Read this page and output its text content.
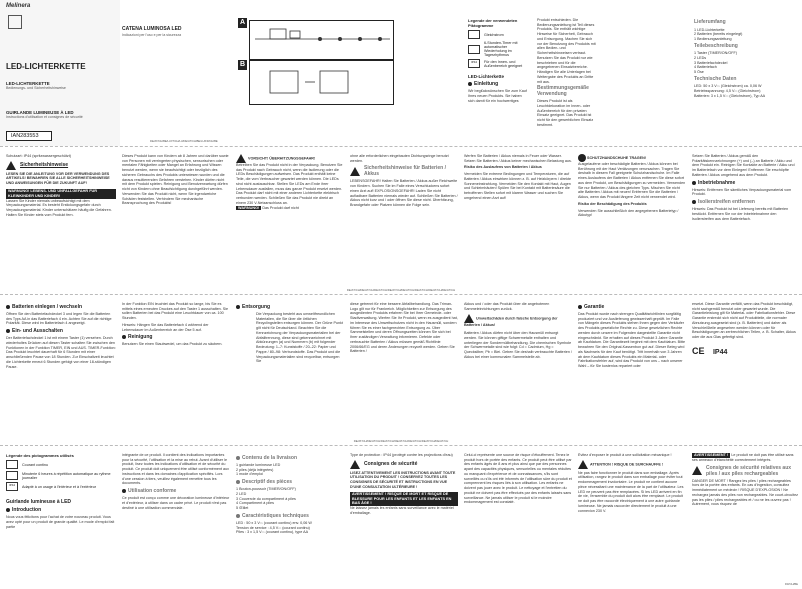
Melinera
LED-LICHTERKETTE
LED-LICHTERKETTE
Bedienungs- und Sicherheitshinweise
GUIRLANDE LUMINEUSE À LED
Instructions d'utilisation et consignes de sécurité
IAN283553
CATENA LUMINOSA LED
Indicazioni per l'uso e per la sicurezza
DE/AT/CH/BE/LU/IT/CH/LU/DE/AT/CH/BE/LU/FR/CH/BE
A
B
Legende der verwendeten Piktogramme
Gleichstrom
6-Stunden-Timer mit automatischer Wiederholung im Tagesrhythmus
IP44	Für den Innen- und Außenbereich geeignet
LED-Lichterkette
Einleitung
Wir beglückwünschen Sie zum Kauf Ihres neuen Produkts. Sie haben sich damit für ein hochwertiges
Produkt entschieden. Die Bedienungsanleitung ist Teil dieses Produkts. Sie enthält wichtige Hinweise für Sicherheit, Gebrauch und Entsorgung. Machen Sie sich vor der Benutzung des Produkts mit allen Bedien- und Sicherheitshinweisen vertraut. Benutzen Sie das Produkt nur wie beschrieben und für die angegebenen Einsatzbereiche. Händigen Sie alle Unterlagen bei Weitergabe des Produkts an Dritte mit aus.
Bestimmungsgemäße Verwendung
Dieses Produkt ist als Leuchtdekoration im Innen- oder Außenbereich für den privaten Einsatz geeignet. Das Produkt ist nicht für den gewerblichen Einsatz bestimmt.
Lieferumfang
1 LED-Lichterkette
2 Batterien (bereits eingelegt)
1 Bedienungsanleitung
Teilebeschreibung
1 Taster (TIMER/ON/OFF)
2 LEDs
3 Batteriefachdeckel
4 Batteriefach
5 Öse
Technische Daten
LED: 50 x 3 V⎓ (Gleichstrom) ca. 0,06 W
Betriebsspannung: 4,5 V⎓ (Gleichstrom)
Batterien: 3 x 1,5 V⎓ (Gleichstrom), Typ AA
Schutzart: IP44 (spritzwassergeschützt)
Sicherheitshinweise
LESEN SIE DIE ANLEITUNG VOR DER VERWENDUNG DES ARTIKELS! BEWAHREN SIE ALLE SICHERHEITSHINWEISE UND ANWEISUNGEN FÜR DIE ZUKUNFT AUF!
WARNUNG! LEBENS- UND UNFALLGEFAHR FÜR KLEINKINDER UND KINDER!
Lassen Sie Kinder niemals unbeaufsichtigt mit dem Verpackungsmaterial. Es besteht Erstickungsgefahr durch Verpackungsmaterial. Kinder unterschätzen häufig die Gefahren. Halten Sie Kinder stets vom Produkt fern.
Dieses Produkt kann von Kindern ab 8 Jahren und darüber sowie von Personen mit verringerten physischen, sensorischen oder mentalen Fähigkeiten oder Mangel an Erfahrung und Wissen benutzt werden, wenn sie beaufsichtigt oder bezüglich des sicheren Gebrauchs des Produkts unterwiesen wurden und die daraus resultierenden Gefahren verstehen. Kinder dürfen nicht mit dem Produkt spielen. Reinigung und Benutzerwartung dürfen nicht von Kindern ohne Beaufsichtigung durchgeführt werden. Verwenden Sie das Produkt nicht, wenn Sie irgendwelche Schäden feststellen. Verhindern Sie mechanische Beanspruchung des Produkts!
VORSICHT! ÜBERHITZUNGSGEFAHR!
Betreiben Sie das Produkt nicht in der Verpackung. Benutzen Sie das Produkt nach Gebrauch nicht, wenn die Isolierung oder die LEDs Beschädigungen aufweisen. Das Produkt enthält keine Teile, die vom Verbraucher gewartet werden können. Die LEDs sind nicht austauschbar. Stellen Sie LEDs am Ende ihrer Lebensdauer ausfallen, muss das ganze Produkt ersetzt werden. Das Produkt darf nicht mit einer anderen Lichterkette elektrisch verbunden werden. Schließen Sie das Produkt nie direkt an einem 230 V-Netzanschluss an.
WARNUNG! Das Produkt darf nicht
ohne alle erforderlichen eingebauten Dichtungsringe benutzt werden.
Sicherheitshinweise für Batterien / Akkus
LEBENSGEFAHR! Halten Sie Batterien / Akkus außer Reichweite von Kindern. Suchen Sie im Falle eines Verschluckens sofort einen Arzt auf! EXPLOSIONSGEFAHR! Laden Sie nicht aufladbare Batterien niemals wieder auf. Schließen Sie Batterien / Akkus nicht kurz und / oder öffnen Sie diese nicht. Überhitzung, Brandgefahr oder Platzen können die Folge sein.
Werfen Sie Batterien / Akkus niemals in Feuer oder Wasser. Setzen Sie Batterien / Akkus keiner mechanischen Belastung aus.
Risiko des Auslaufens von Batterien / Akkus
Vermeiden Sie extreme Bedingungen und Temperaturen, die auf Batterien / Akkus einwirken können z. B. auf Heizkörpern / direkte Sonneneinstrahlung. Vermeiden Sie den Kontakt mit Haut, Augen und Schleimhäuten! Spülen Sie bei Kontakt mit Batteriesäure die betroffenen Stellen sofort mit klarem Wasser und suchen Sie umgehend einen Arzt auf!
SCHUTZHANDSCHUHE TRAGEN!
Ausgelaufene oder beschädigte Batterien / Akkus können bei Berührung mit der Haut Verätzungen verursachen. Tragen Sie deshalb in diesem Fall geeignete Schutzhandschuhe. Im Falle eines Auslaufens der Batterien / Akkus entfernen Sie diese sofort aus dem Produkt, um Beschädigungen zu vermeiden. Verwenden Sie nur Batterien / Akkus des gleichen Typs. Mischen Sie nicht alte Batterien / Akkus mit neuen! Entfernen Sie die Batterien / Akkus, wenn das Produkt längere Zeit nicht verwendet wird.
Risiko der Beschädigung des Produkts
Verwenden Sie ausschließlich den angegebenen Batterietyp / Akkutyp!
Setzen Sie Batterien / Akkus gemäß den Polaritätskennzeichnungen (+) und (–) an Batterie / Akku und dem Produkt ein. Reinigen Sie Kontakte an Batterie / Akku und im Batteriefach vor dem Einlegen! Entfernen Sie erschöpfte Batterien / Akkus umgehend aus dem Produkt.
Inbetriebnahme
Hinweis: Entfernen Sie sämtliches Verpackungsmaterial vom Produkt.
Isolierstreifen entfernen
Hinweis: Das Produkt ist bei Lieferung bereits mit Batterien bestückt. Entfernen Sie vor der Inbetriebnahme den Isolierstreifen aus dem Batteriefach.
DE/AT/CH/DE/AT/CH/DE/AT/CH/DE/AT/CH/DE/AT/CH/DE/AT/CH/DE/AT/CH/DE/AT/CH
Batterien einlegen / wechseln
Öffnen Sie den Batteriefachdeckel 3 und legen Sie die Batterien des Typs AA in das Batteriefach 4 ein. Achten Sie auf die richtige Polarität. Diese wird im Batteriefach 4 angezeigt.
Ein- und Ausschalten
Der Batteriefachdeckel 1 ist mit einem Taster (1) versehen. Durch wiederholtes Drücken auf diesen Taster schalten Sie zwischen den Funktionen in der Funktion TIMER, EIN und AUS. TIMER-Funktion: Das Produkt leuchtet dauerhaft für 6 Stunden mit einer anschließenden Pause von 18 Stunden. Zur Einschaltzeit leuchtet die Lichterkette erneut 6 Stunden gefolgt von einer 18-stündigen Pause.
In der Funktion EIN leuchtet das Produkt so lange, bis Sie es mittels eines erneuten Druckes auf den Taster 1 ausschalten. Sie sollen Batterien bei das Produkt eine Leuchtdauer von ca. 100 Stunden.
Hinweis: Hängen Sie das Batteriefach 4 während der Lebensdauer im Außenbereich an der Öse 5 auf.
Reinigung
Benutzen Sie einen Staubwedel, um das Produkt zu säubern.
Entsorgung
Die Verpackung besteht aus umweltfreundlichen Materialien, die Sie über die örtlichen Recyclingstellen entsorgen können. Der Grüne Punkt gilt nicht für Deutschland. Beachten Sie die Kennzeichnung der Verpackungsmaterialien bei der Abfalltrennung, diese sind gekennzeichnet mit Abkürzungen (a) und Nummern (b) mit folgender Bedeutung: 1–7: Kunststoffe / 20–22: Papier und Pappe / 80–98: Verbundstoffe. Das Produkt und die Verpackungsmaterialien sind recycelbar, entsorgen Sie
diese getrennt für eine bessere Abfallbehandlung. Das Triman-Logo gilt nur für Frankreich. Möglichkeiten zur Entsorgung des ausgedienten Produkts erfahren Sie bei Ihrer Gemeinde- oder Stadtverwaltung. Werfen Sie Ihr Produkt, wenn es ausgedient hat, im Interesse des Umweltschutzes nicht in den Hausmüll, sondern führen Sie es einer fachgerechten Entsorgung zu. Über Sammelstellen und deren Öffnungszeiten können Sie sich bei Ihrer zuständigen Verwaltung informieren. Defekte oder verbrauchte Batterien / Akkus müssen gemäß Richtlinie 2006/66/EG und deren Änderungen recycelt werden. Geben Sie Batterien /
Akkus und / oder das Produkt über die angebotenen Sammeleinrichtungen zurück.
Umweltschäden durch falsche Entsorgung der Batterien / Akkus!
Batterien / Akkus dürfen nicht über den Hausmüll entsorgt werden. Sie können giftige Schwermetalle enthalten und unterliegen der Sondermüllbehandlung. Die chemischen Symbole der Schwermetalle sind wie folgt: Cd = Cadmium, Hg = Quecksilber, Pb = Blei. Geben Sie deshalb verbrauchte Batterien / Akkus bei einer kommunalen Sammelstelle ab.
Garantie
Das Produkt wurde nach strengen Qualitätsrichtlinien sorgfältig produziert und vor Auslieferung gewissenhaft geprüft. Im Falle von Mängeln dieses Produkts stehen Ihnen gegen den Verkäufer des Produkts gesetzliche Rechte zu. Diese gesetzlichen Rechte werden durch unsere im Folgenden dargestellte Garantie nicht eingeschränkt. Sie erhalten auf dieses Produkt 3 Jahre Garantie ab Kaufdatum. Die Garantiezeit beginnt mit dem Kaufdatum. Bitte bewahren Sie den Original-Kassenbon gut auf. Dieser Beleg wird als Nachweis für den Kauf benötigt. Tritt innerhalb von 3 Jahren ab dem Kaufdatum dieses Produkts ein Material- oder Fabrikationsfehler auf, wird das Produkt von uns – nach unserer Wahl – für Sie kostenlos repariert oder
ersetzt. Diese Garantie verfällt, wenn das Produkt beschädigt, nicht sachgemäß benutzt oder gewartet wurde. Die Garantieleistung gilt für Material- oder Fabrikationsfehler. Diese Garantie erstreckt sich nicht auf Produktteile, die normaler Abnutzung ausgesetzt sind (z. B. Batterien) und daher als Verschleißteile angesehen werden können oder für Beschädigungen an zerbrechlichen Teilen, z. B. Schalter, Akkus oder die aus Glas gefertigt sind.
CE IP44
DE/AT/CH/DE/AT/CH/DE/AT/CH/DE/AT/CH/DE/AT/CH/DE/AT/CH/DE/AT/CH
Légende des pictogrammes utilisés
Courant continu
Minuterie 6 heures à répétition automatique au rythme journalier
IP44	Adapté à un usage à l'intérieur et à l'extérieur
Guirlande lumineuse à LED
Introduction
Nous vous félicitons pour l'achat de votre nouveau produit. Vous avez opté pour un produit de grande qualité. Le mode d'emploi fait partie
intégrante de ce produit. Il contient des indications importantes pour la sécurité, l'utilisation et la mise au rebut. Avant d'utiliser le produit, lisez toutes les indications d'utilisation et de sécurité du produit. Ce produit doit uniquement être utilisé conformément aux instructions et dans les domaines d'application spécifiés. Lors d'une cession à tiers, veuillez également remettre tous les documents.
Utilisation conforme
Ce produit est conçu comme une décoration lumineuse d'intérieur et d'extérieur, à utiliser dans un cadre privé. Le produit n'est pas destiné à une utilisation commerciale.
Contenu de la livraison
1 guirlande lumineuse LED
2 piles (déjà intégrées)
1 mode d'emploi
Descriptif des pièces
1 Bouton-poussoir (TIMER/ON/OFF)
2 LED
3 Couvercle du compartiment à piles
4 Compartiment à piles
5 Œillet
Caractéristiques techniques
LED : 50 x 3 V⎓ (courant continu) env. 0,06 W
Tension de service : 4,5 V⎓ (courant continu)
Piles : 3 x 1,5 V⎓ (courant continu), type AA
Type de protection : IP44 (protégé contre les projections d'eau)
Consignes de sécurité
LISEZ ATTENTIVEMENT LES INSTRUCTIONS AVANT TOUTE UTILISATION DU PRODUIT ! CONSERVEZ TOUTES LES CONSIGNES DE SÉCURITÉ ET INSTRUCTIONS EN VUE D'UNE CONSULTATION ULTÉRIEURE !
AVERTISSEMENT ! RISQUE DE MORT ET RISQUE DE BLESSURE POUR LES ENFANTS ET LES ENFANTS EN BAS ÂGE !
Ne laissez jamais les enfants sans surveillance avec le matériel d'emballage.
Celui-ci représente une source de risque d'étouffement. Tenez le produit hors de portée des enfants. Ce produit peut être utilisé par des enfants âgés de 8 ans et plus ainsi que par des personnes ayant des capacités physiques, sensorielles ou mentales réduites ou manquant d'expérience et de connaissances, s'ils sont surveillés ou s'ils ont été informés de l'utilisation sûre du produit et comprennent les risques liés à son utilisation. Les enfants ne doivent pas jouer avec le produit. Le nettoyage et l'entretien du produit ne doivent pas être effectués par des enfants laissés sans surveillance. Ne jamais utiliser le produit si le moindre endommagement est constaté.
Évitez d'exposer le produit à une sollicitation mécanique !
ATTENTION ! RISQUE DE SURCHAUFFE !
Ne pas faire fonctionner le produit dans son emballage. Après utilisation, rangez le produit dans son emballage pour éviter tout endommagement involontaire. Le produit ne contient aucune pièce nécessitant une maintenance de la part de l'utilisateur. Les LED ne peuvent pas être remplacées. Si les LED arrivent en fin de vie, l'ensemble du produit doit alors être remplacé. Le produit ne doit pas être raccordé électriquement à une autre guirlande lumineuse. Ne jamais raccorder directement le produit à une connexion 230 V.
AVERTISSEMENT ! Le produit ne doit pas être utilisé sans ses anneaux d'étanchéité correctement intégrés.
Consignes de sécurité relatives aux piles / aux piles rechargeables
DANGER DE MORT ! Rangez les piles / piles rechargeables hors de la portée des enfants. En cas d'ingestion, consultez immédiatement un médecin ! RISQUE D'EXPLOSION ! Ne rechargez jamais des piles non rechargeables. Ne court-circuitez pas les piles / piles rechargeables et / ou ne les ouvrez pas ! Autrement, vous risquez de
FR/CH/BE
